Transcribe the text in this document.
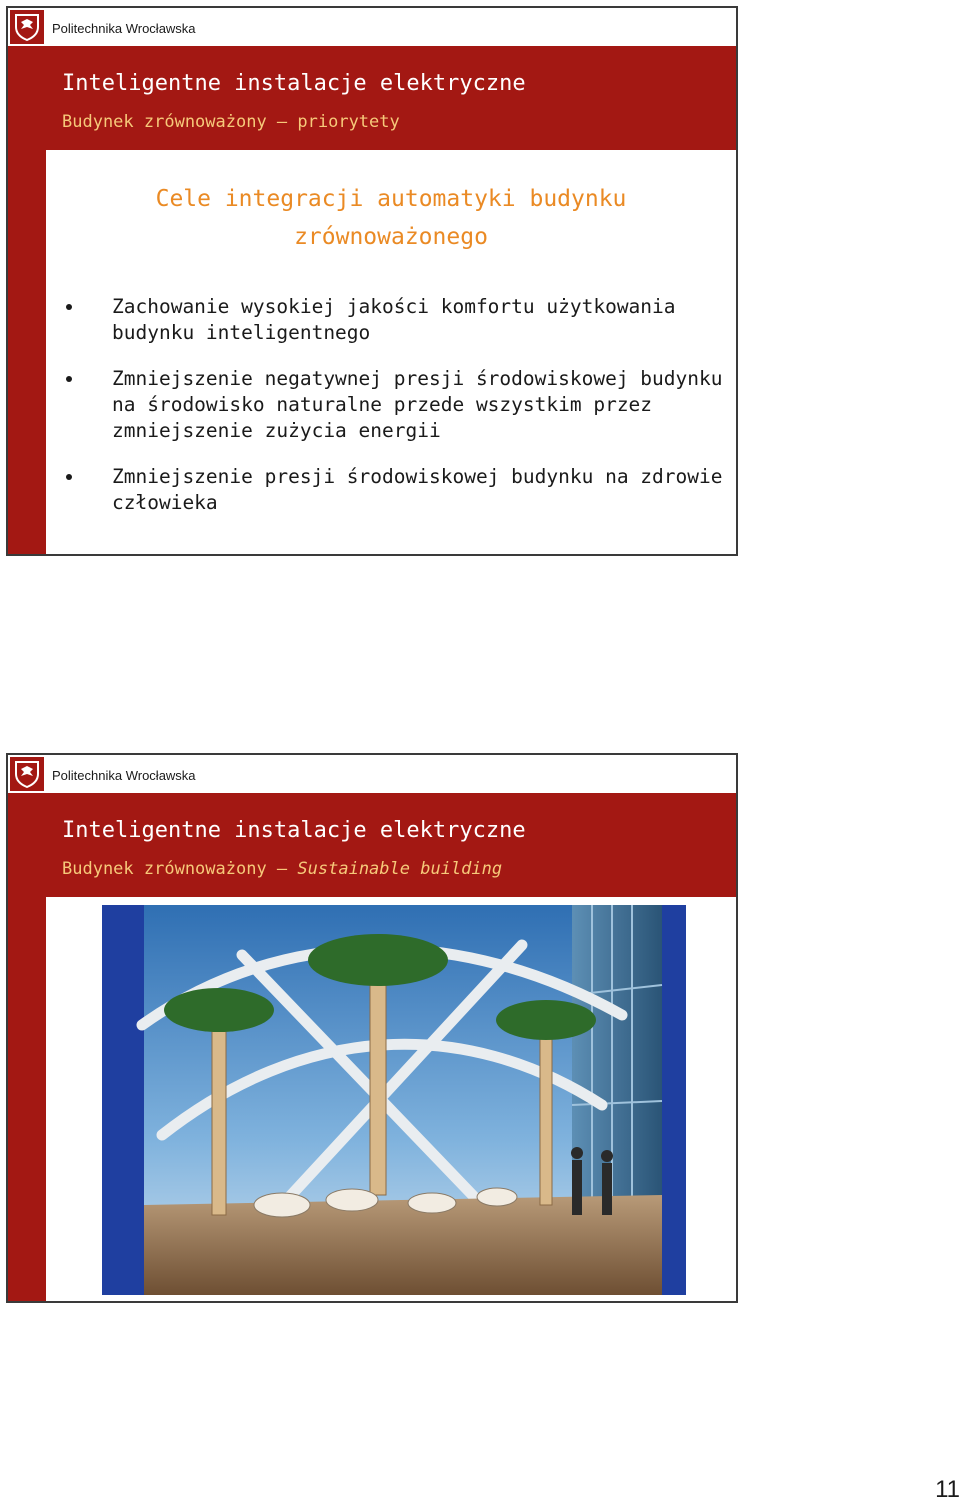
Politechnika Wrocławska
Inteligentne instalacje elektryczne
Budynek zrównoważony – priorytety
Cele integracji automatyki budynku
zrównoważonego
Zachowanie wysokiej jakości komfortu użytkowania budynku inteligentnego
Zmniejszenie negatywnej presji środowiskowej budynku na środowisko naturalne przede wszystkim przez zmniejszenie zużycia energii
Zmniejszenie presji środowiskowej budynku na zdrowie człowieka
Politechnika Wrocławska
Inteligentne instalacje elektryczne
Budynek zrównoważony – Sustainable building
11
